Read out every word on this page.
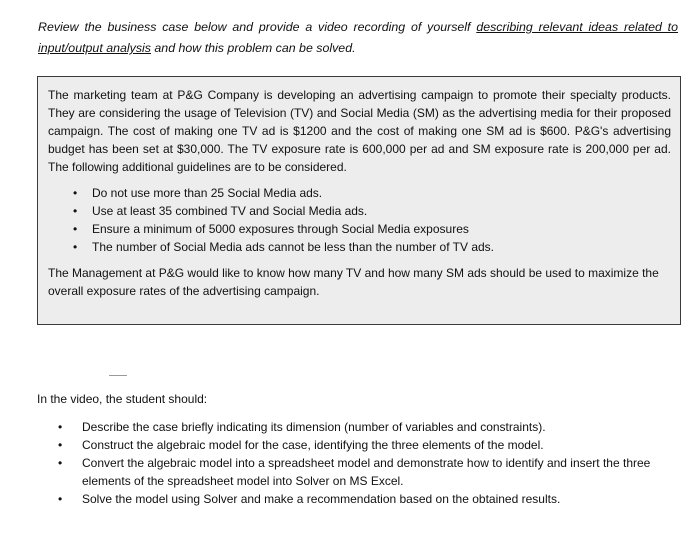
Review the business case below and provide a video recording of yourself describing relevant ideas related to input/output analysis and how this problem can be solved.

The marketing team at P&G Company is developing an advertising campaign to promote their specialty products. They are considering the usage of Television (TV) and Social Media (SM) as the advertising media for their proposed campaign. The cost of making one TV ad is $1200 and the cost of making one SM ad is $600. P&G's advertising budget has been set at $30,000. The TV exposure rate is 600,000 per ad and SM exposure rate is 200,000 per ad. The following additional guidelines are to be considered.

• Do not use more than 25 Social Media ads.
• Use at least 35 combined TV and Social Media ads.
• Ensure a minimum of 5000 exposures through Social Media exposures
• The number of Social Media ads cannot be less than the number of TV ads.

The Management at P&G would like to know how many TV and how many SM ads should be used to maximize the overall exposure rates of the advertising campaign.

In the video, the student should:
• Describe the case briefly indicating its dimension (number of variables and constraints).
• Construct the algebraic model for the case, identifying the three elements of the model.
• Convert the algebraic model into a spreadsheet model and demonstrate how to identify and insert the three elements of the spreadsheet model into Solver on MS Excel.
• Solve the model using Solver and make a recommendation based on the obtained results.
